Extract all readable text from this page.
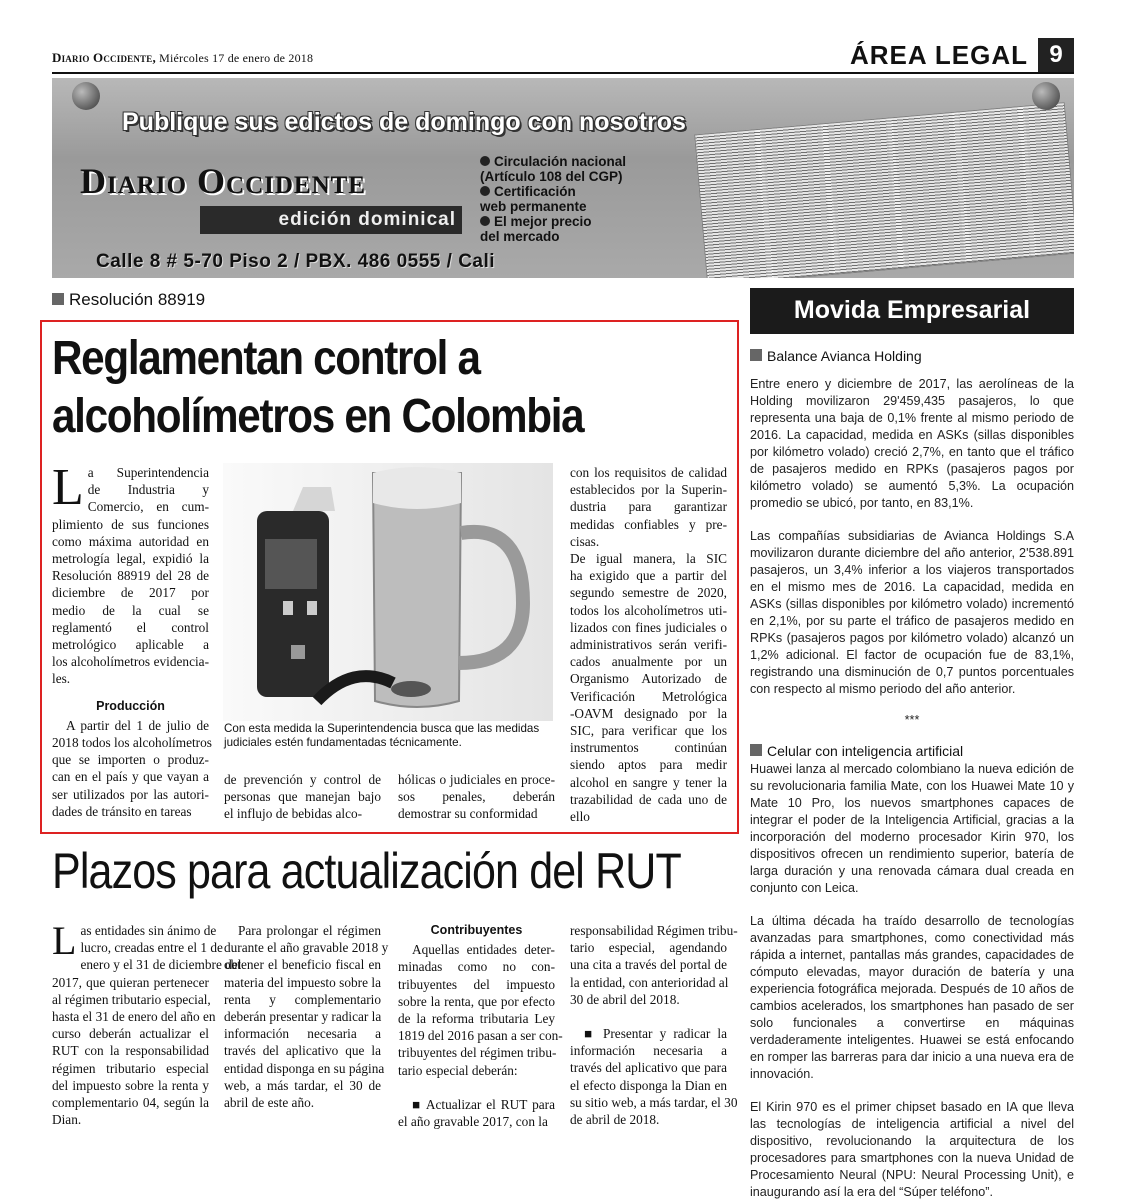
Diario Occidente, Miércoles 17 de enero de 2018	ÁREA LEGAL 9
Publique sus edictos de domingo con nosotros
Diario Occidente
edición dominical
Circulación nacional
(Artículo 108 del CGP)
Certificación
web permanente
El mejor precio
del mercado
Calle 8 # 5-70 Piso 2 / PBX. 486 0555 / Cali
Resolución 88919
Reglamentan control a alcoholímetros en Colombia
L a Superintendencia
de Industria y
Comercio, en cum-
plimiento de sus funciones
como máxima autoridad en
metrología legal, expidió la
Resolución 88919 del 28 de
diciembre de 2017 por
medio de la cual se
reglamentó el control
metrológico aplicable a
los alcoholímetros evidencia-
les.
Producción
A partir del 1 de julio de
2018 todos los alcoholímetros
que se importen o produz-
can en el país y que vayan a
ser utilizados por las autori-
dades de tránsito en tareas
Con esta medida la Superintendencia busca que las medidas judiciales estén fundamentadas técnicamente.
de prevención y control de
personas que manejan bajo
el influjo de bebidas alco-
hólicas o judiciales en proce-
sos penales, deberán
demostrar su conformidad
con los requisitos de calidad
establecidos por la Superin-
dustria para garantizar
medidas confiables y pre-
cisas.
De igual manera, la SIC
ha exigido que a partir del
segundo semestre de 2020,
todos los alcoholímetros uti-
lizados con fines judiciales o
administrativos serán verifi-
cados anualmente por un
Organismo Autorizado de
Verificación Metrológica
-OAVM designado por la
SIC, para verificar que los
instrumentos continúan
siendo aptos para medir
alcohol en sangre y tener la
trazabilidad de cada uno de
ello
Plazos para actualización del RUT
L as entidades sin ánimo de
lucro, creadas entre el 1 de
enero y el 31 de diciembre del
2017, que quieran pertenecer
al régimen tributario especial,
hasta el 31 de enero del año en
curso deberán actualizar el
RUT con la responsabilidad
régimen tributario especial
del impuesto sobre la renta y
complementario 04, según la
Dian.
Para prolongar el régimen
durante el año gravable 2018 y
obtener el beneficio fiscal en
materia del impuesto sobre la
renta y complementario
deberán presentar y radicar la
información necesaria a
través del aplicativo que la
entidad disponga en su página
web, a más tardar, el 30 de
abril de este año.
Contribuyentes
Aquellas entidades deter-
minadas como no con-
tribuyentes del impuesto
sobre la renta, que por efecto
de la reforma tributaria Ley
1819 del 2016 pasan a ser con-
tribuyentes del régimen tribu-
tario especial deberán:
■ Actualizar el RUT para
el año gravable 2017, con la
responsabilidad Régimen tribu-
tario especial, agendando
una cita a través del portal de
la entidad, con anterioridad al
30 de abril del 2018.
■ Presentar y radicar la
información necesaria a
través del aplicativo que para
el efecto disponga la Dian en
su sitio web, a más tardar, el 30
de abril de 2018.
Movida Empresarial
Balance Avianca Holding
Entre enero y diciembre de 2017, las aerolíneas de la Holding movilizaron 29'459,435 pasajeros, lo que representa una baja de 0,1% frente al mismo periodo de 2016. La capacidad, medida en ASKs (sillas disponibles por kilómetro volado) creció 2,7%, en tanto que el tráfico de pasajeros medido en RPKs (pasajeros pagos por kilómetro volado) se aumentó 5,3%. La ocupación promedio se ubicó, por tanto, en 83,1%.
Las compañías subsidiarias de Avianca Holdings S.A movilizaron durante diciembre del año anterior, 2'538.891 pasajeros, un 3,4% inferior a los viajeros transportados en el mismo mes de 2016. La capacidad, medida en ASKs (sillas disponibles por kilómetro volado) incrementó en 2,1%, por su parte el tráfico de pasajeros medido en RPKs (pasajeros pagos por kilómetro volado) alcanzó un 1,2% adicional. El factor de ocupación fue de 83,1%, registrando una disminución de 0,7 puntos porcentuales con respecto al mismo periodo del año anterior.
***
Celular con inteligencia artificial
Huawei lanza al mercado colombiano la nueva edición de su revolucionaria familia Mate, con los Huawei Mate 10 y Mate 10 Pro, los nuevos smartphones capaces de integrar el poder de la Inteligencia Artificial, gracias a la incorporación del moderno procesador Kirin 970, los dispositivos ofrecen un rendimiento superior, batería de larga duración y una renovada cámara dual creada en conjunto con Leica.
La última década ha traído desarrollo de tecnologías avanzadas para smartphones, como conectividad más rápida a internet, pantallas más grandes, capacidades de cómputo elevadas, mayor duración de batería y una experiencia fotográfica mejorada. Después de 10 años de cambios acelerados, los smartphones han pasado de ser solo funcionales a convertirse en máquinas verdaderamente inteligentes. Huawei se está enfocando en romper las barreras para dar inicio a una nueva era de innovación.
El Kirin 970 es el primer chipset basado en IA que lleva las tecnologías de inteligencia artificial a nivel del dispositivo, revolucionando la arquitectura de los procesadores para smartphones con la nueva Unidad de Procesamiento Neural (NPU: Neural Processing Unit), e inaugurando así la era del “Súper teléfono”.
